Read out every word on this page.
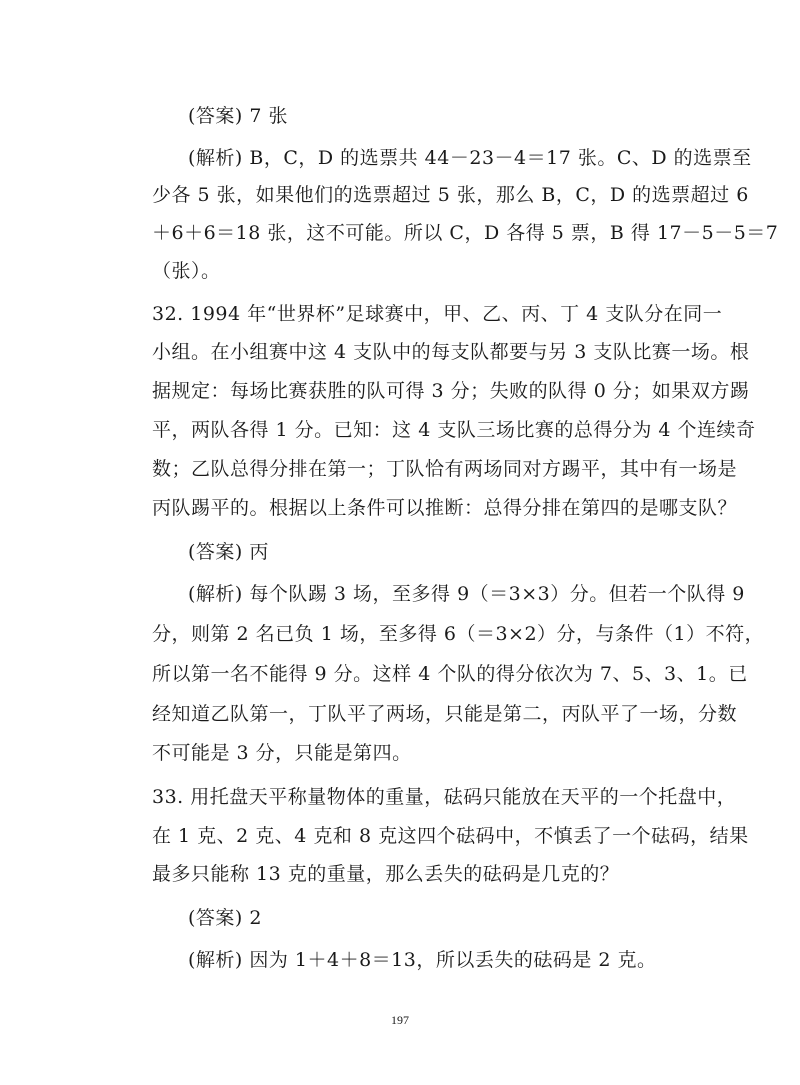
(答案) 7 张
(解析) B，C，D 的选票共 44－23－4＝17 张。C、D 的选票至
少各 5 张，如果他们的选票超过 5 张，那么 B，C，D 的选票超过 6
＋6＋6＝18 张，这不可能。所以 C，D 各得 5 票，B 得 17－5－5＝7
（张）。
32. 1994 年“世界杯”足球赛中，甲、乙、丙、丁 4 支队分在同一
小组。在小组赛中这 4 支队中的每支队都要与另 3 支队比赛一场。根
据规定：每场比赛获胜的队可得 3 分；失败的队得 0 分；如果双方踢
平，两队各得 1 分。已知：这 4 支队三场比赛的总得分为 4 个连续奇
数；乙队总得分排在第一；丁队恰有两场同对方踢平，其中有一场是
丙队踢平的。根据以上条件可以推断：总得分排在第四的是哪支队？
(答案) 丙
(解析) 每个队踢 3 场，至多得 9（＝3×3）分。但若一个队得 9
分，则第 2 名已负 1 场，至多得 6（＝3×2）分，与条件（1）不符，
所以第一名不能得 9 分。这样 4 个队的得分依次为 7、5、3、1。已
经知道乙队第一，丁队平了两场，只能是第二，丙队平了一场，分数
不可能是 3 分，只能是第四。
33. 用托盘天平称量物体的重量，砝码只能放在天平的一个托盘中，
在 1 克、2 克、4 克和 8 克这四个砝码中，不慎丢了一个砝码，结果
最多只能称 13 克的重量，那么丢失的砝码是几克的？
(答案) 2
(解析) 因为 1＋4＋8＝13，所以丢失的砝码是 2 克。
197
